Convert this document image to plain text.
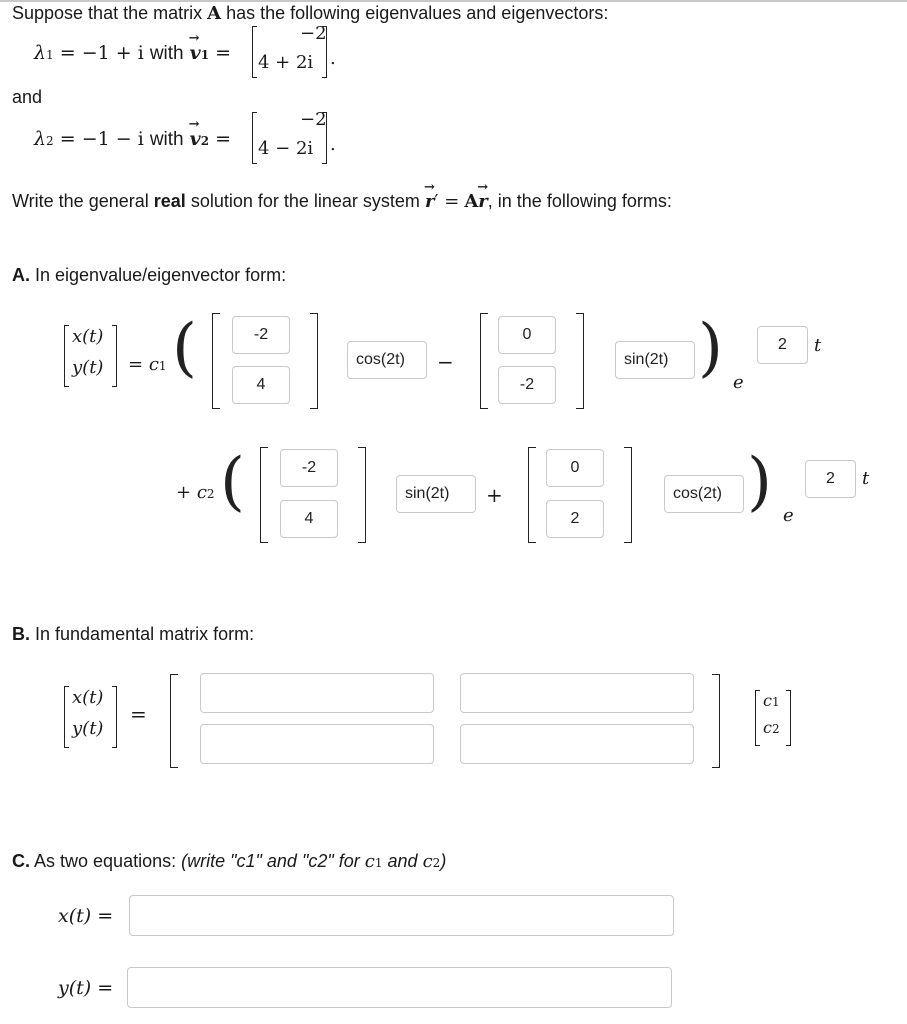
Suppose that the matrix A has the following eigenvalues and eigenvectors:
λ1 = −1 + i with → v1 =
−2
4 + 2i .
and
λ2 = −1 − i with → v2 =
−2
4 − 2i .
Write the general real solution for the linear system → r′ = A→ r, in the following forms:
A. In eigenvalue/eigenvector form:
x(t)
y(t) = c1 (	-2
4
cos(2t)	−
0
-2
sin(2t) ) e
2	t
+ c2 (	-2
4
sin(2t)	+
0
2
cos(2t) ) e
2	t
B. In fundamental matrix form:
x(t)
y(t)
=
c1
c2
C. As two equations: (write "c1" and "c2" for c1 and c2)
x(t) =
y(t) =
